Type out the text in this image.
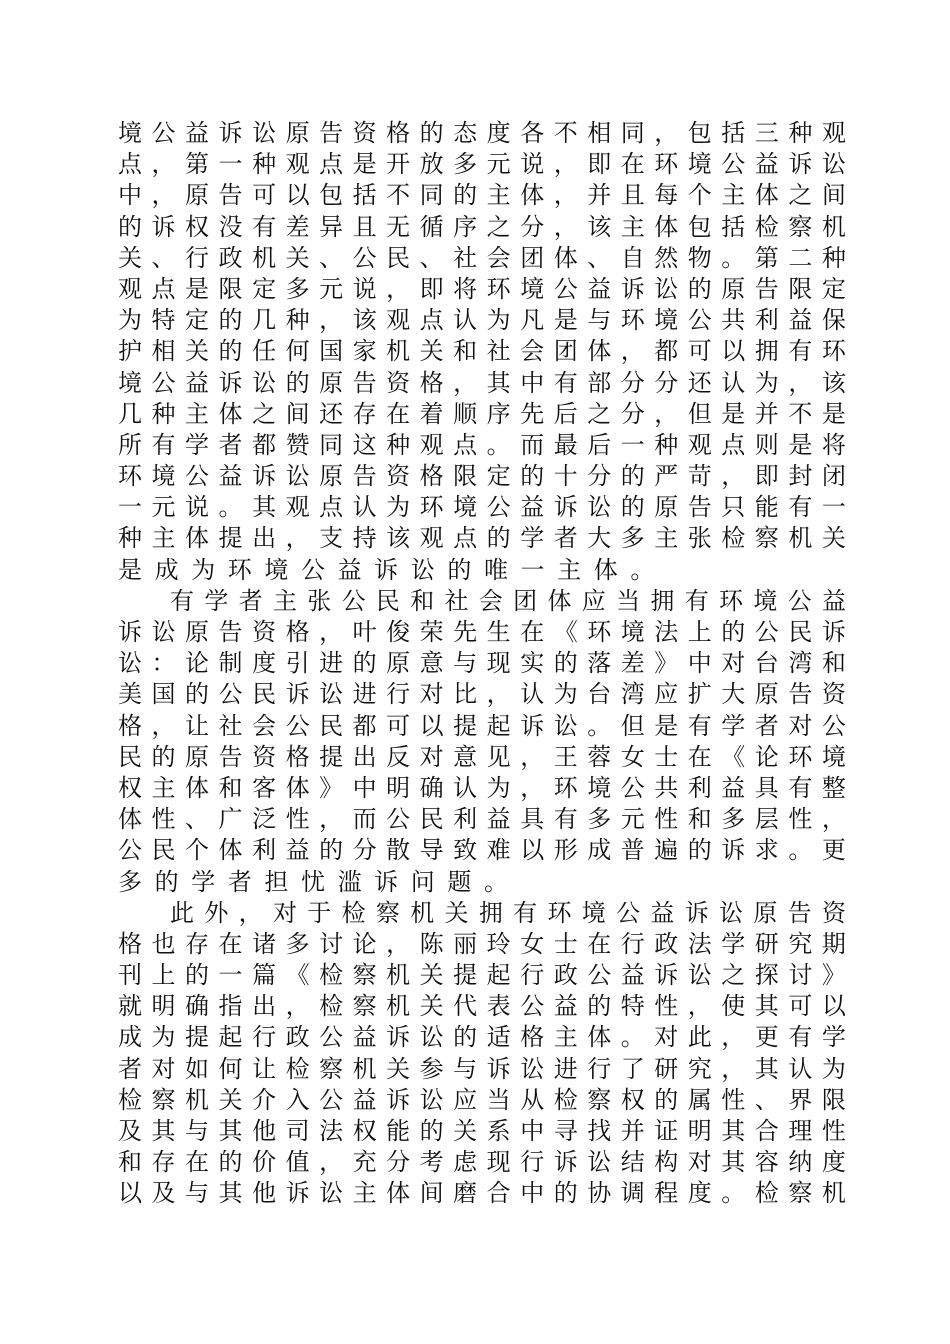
境 公 益 诉 讼 原 告 资 格 的 态 度 各 不 相 同 ， 包 括 三 种 观
点 ， 第 一 种 观 点 是 开 放 多 元 说 ， 即 在 环 境 公 益 诉 讼
中 ， 原 告 可 以 包 括 不 同 的 主 体 ， 并 且 每 个 主 体 之 间
的 诉 权 没 有 差 异 且 无 循 序 之 分 ， 该 主 体 包 括 检 察 机
关 、 行 政 机 关 、 公 民 、 社 会 团 体 、 自 然 物 。 第 二 种
观 点 是 限 定 多 元 说 ， 即 将 环 境 公 益 诉 讼 的 原 告 限 定
为 特 定 的 几 种 ， 该 观 点 认 为 凡 是 与 环 境 公 共 利 益 保
护 相 关 的 任 何 国 家 机 关 和 社 会 团 体 ， 都 可 以 拥 有 环
境 公 益 诉 讼 的 原 告 资 格 ， 其 中 有 部 分 分 还 认 为 ， 该
几 种 主 体 之 间 还 存 在 着 顺 序 先 后 之 分 ， 但 是 并 不 是
所 有 学 者 都 赞 同 这 种 观 点 。 而 最 后 一 种 观 点 则 是 将
环 境 公 益 诉 讼 原 告 资 格 限 定 的 十 分 的 严 苛 ， 即 封 闭
一 元 说 。 其 观 点 认 为 环 境 公 益 诉 讼 的 原 告 只 能 有 一
种 主 体 提 出 ， 支 持 该 观 点 的 学 者 大 多 主 张 检 察 机 关
是 成 为 环 境 公 益 诉 讼 的 唯 一 主 体 。
有 学 者 主 张 公 民 和 社 会 团 体 应 当 拥 有 环 境 公 益
诉 讼 原 告 资 格 ， 叶 俊 荣 先 生 在 《 环 境 法 上 的 公 民 诉
讼 ： 论 制 度 引 进 的 原 意 与 现 实 的 落 差 》 中 对 台 湾 和
美 国 的 公 民 诉 讼 进 行 对 比 ， 认 为 台 湾 应 扩 大 原 告 资
格 ， 让 社 会 公 民 都 可 以 提 起 诉 讼 。 但 是 有 学 者 对 公
民 的 原 告 资 格 提 出 反 对 意 见 ， 王 蓉 女 士 在 《 论 环 境
权 主 体 和 客 体 》 中 明 确 认 为 ， 环 境 公 共 利 益 具 有 整
体 性 、 广 泛 性 ， 而 公 民 利 益 具 有 多 元 性 和 多 层 性 ，
公 民 个 体 利 益 的 分 散 导 致 难 以 形 成 普 遍 的 诉 求 。 更
多 的 学 者 担 忧 滥 诉 问 题 。
此 外 ， 对 于 检 察 机 关 拥 有 环 境 公 益 诉 讼 原 告 资
格 也 存 在 诸 多 讨 论 ， 陈 丽 玲 女 士 在 行 政 法 学 研 究 期
刊 上 的 一 篇 《 检 察 机 关 提 起 行 政 公 益 诉 讼 之 探 讨 》
就 明 确 指 出 ， 检 察 机 关 代 表 公 益 的 特 性 ， 使 其 可 以
成 为 提 起 行 政 公 益 诉 讼 的 适 格 主 体 。 对 此 ， 更 有 学
者 对 如 何 让 检 察 机 关 参 与 诉 讼 进 行 了 研 究 ， 其 认 为
检 察 机 关 介 入 公 益 诉 讼 应 当 从 检 察 权 的 属 性 、 界 限
及 其 与 其 他 司 法 权 能 的 关 系 中 寻 找 并 证 明 其 合 理 性
和 存 在 的 价 值 ， 充 分 考 虑 现 行 诉 讼 结 构 对 其 容 纳 度
以 及 与 其 他 诉 讼 主 体 间 磨 合 中 的 协 调 程 度 。 检 察 机
